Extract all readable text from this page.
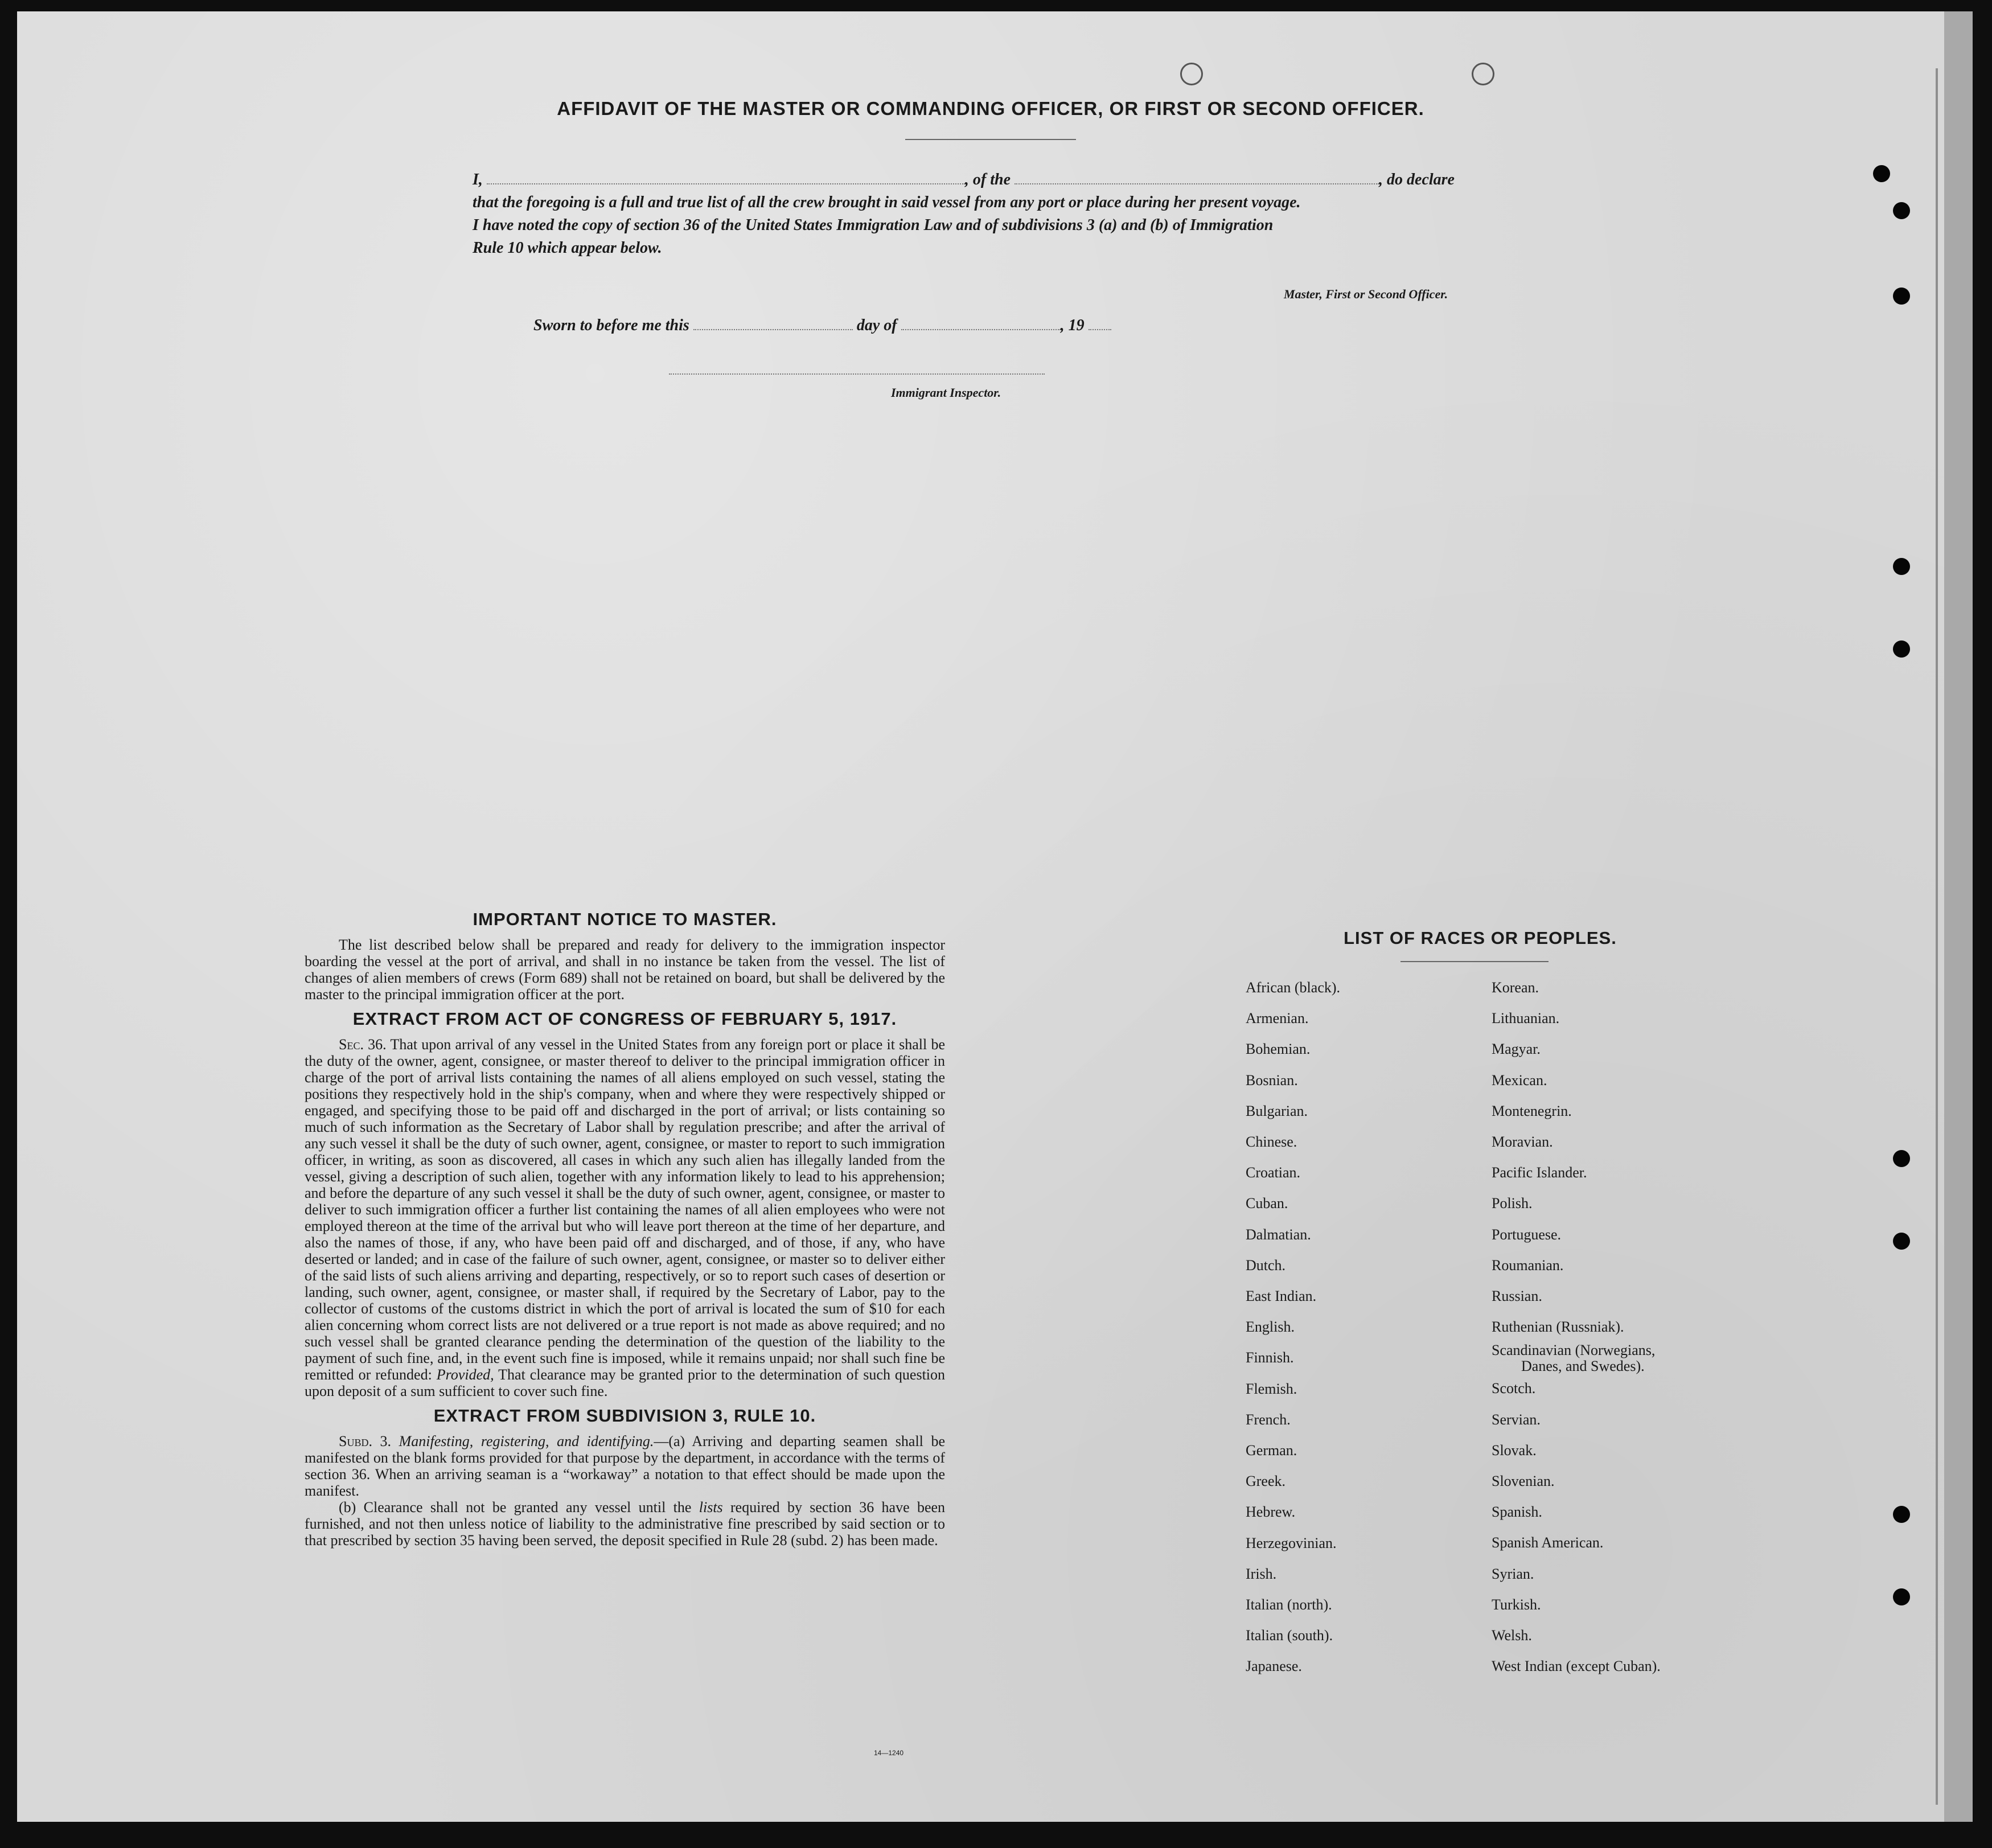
AFFIDAVIT OF THE MASTER OR COMMANDING OFFICER, OR FIRST OR SECOND OFFICER.
I,	, of the	, do declare
that the foregoing is a full and true list of all the crew brought in said vessel from any port or place during her present voyage.
I have noted the copy of section 36 of the United States Immigration Law and of subdivisions 3 (a) and (b) of Immigration
Rule 10 which appear below.
Master, First or Second Officer.
Sworn to before me this	day of	, 19
Immigrant Inspector.
IMPORTANT NOTICE TO MASTER.

The list described below shall be prepared and ready for delivery to the immigration inspector boarding the vessel at the port of arrival, and shall in no instance be taken from the vessel. The list of changes of alien members of crews (Form 689) shall not be retained on board, but shall be delivered by the master to the principal immigration officer at the port.

EXTRACT FROM ACT OF CONGRESS OF FEBRUARY 5, 1917.

Sec. 36. That upon arrival of any vessel in the United States from any foreign port or place it shall be the duty of the owner, agent, consignee, or master thereof to deliver to the principal immigration officer in charge of the port of arrival lists containing the names of all aliens employed on such vessel, stating the positions they respectively hold in the ship's company, when and where they were respectively shipped or engaged, and specifying those to be paid off and discharged in the port of arrival; or lists containing so much of such information as the Secretary of Labor shall by regulation prescribe; and after the arrival of any such vessel it shall be the duty of such owner, agent, consignee, or master to report to such immigration officer, in writing, as soon as discovered, all cases in which any such alien has illegally landed from the vessel, giving a description of such alien, together with any information likely to lead to his apprehension; and before the departure of any such vessel it shall be the duty of such owner, agent, consignee, or master to deliver to such immigration officer a further list containing the names of all alien employees who were not employed thereon at the time of the arrival but who will leave port thereon at the time of her departure, and also the names of those, if any, who have been paid off and discharged, and of those, if any, who have deserted or landed; and in case of the failure of such owner, agent, consignee, or master so to deliver either of the said lists of such aliens arriving and departing, respectively, or so to report such cases of desertion or landing, such owner, agent, consignee, or master shall, if required by the Secretary of Labor, pay to the collector of customs of the customs district in which the port of arrival is located the sum of $10 for each alien concerning whom correct lists are not delivered or a true report is not made as above required; and no such vessel shall be granted clearance pending the determination of the question of the liability to the payment of such fine, and, in the event such fine is imposed, while it remains unpaid; nor shall such fine be remitted or refunded: Provided, That clearance may be granted prior to the determination of such question upon deposit of a sum sufficient to cover such fine.

EXTRACT FROM SUBDIVISION 3, RULE 10.

Subd. 3. Manifesting, registering, and identifying.—(a) Arriving and departing seamen shall be manifested on the blank forms provided for that purpose by the department, in accordance with the terms of section 36. When an arriving seaman is a “workaway” a notation to that effect should be made upon the manifest.

(b) Clearance shall not be granted any vessel until the lists required by section 36 have been furnished, and not then unless notice of liability to the administrative fine prescribed by said section or to that prescribed by section 35 having been served, the deposit specified in Rule 28 (subd. 2) has been made.

14—1240
LIST OF RACES OR PEOPLES.
African (black).
Armenian.
Bohemian.
Bosnian.
Bulgarian.
Chinese.
Croatian.
Cuban.
Dalmatian.
Dutch.
East Indian.
English.
Finnish.
Flemish.
French.
German.
Greek.
Hebrew.
Herzegovinian.
Irish.
Italian (north).
Italian (south).
Japanese.
Korean.
Lithuanian.
Magyar.
Mexican.
Montenegrin.
Moravian.
Pacific Islander.
Polish.
Portuguese.
Roumanian.
Russian.
Ruthenian (Russniak).
Scandinavian (Norwegians,
Danes, and Swedes).
Scotch.
Servian.
Slovak.
Slovenian.
Spanish.
Spanish American.
Syrian.
Turkish.
Welsh.
West Indian (except Cuban).
